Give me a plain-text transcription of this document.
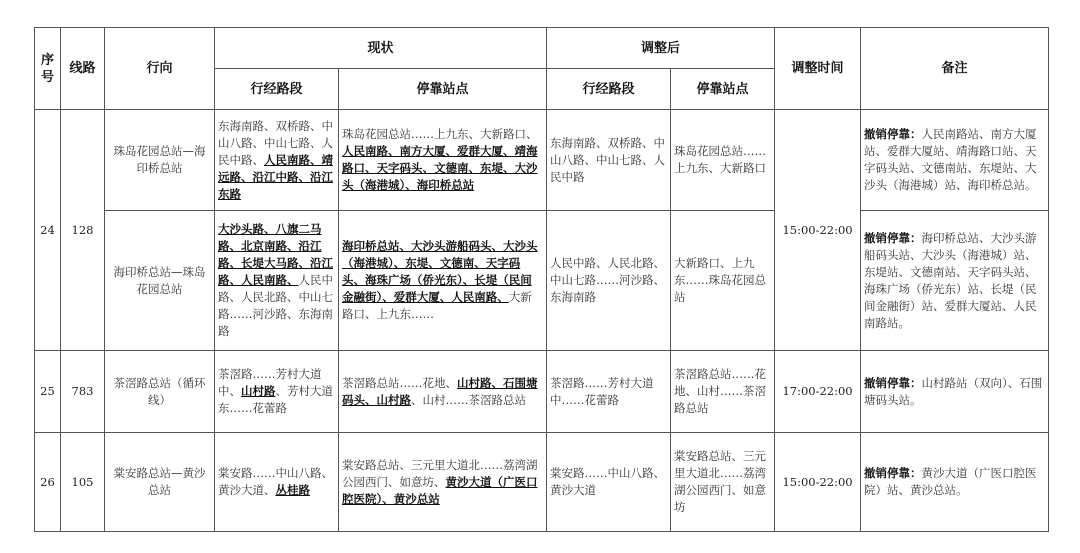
序号	线路	行向	现状		调整后		调整时间	备注
			行经路段	停靠站点	行经路段	停靠站点		
24	128	珠岛花园总站—海印桥总站	东海南路、双桥路、中山八路、中山七路、人民中路、人民南路、靖远路、沿江中路、沿江东路	珠岛花园总站……上九东、大新路口、人民南路、南方大厦、爱群大厦、靖海路口、天字码头、文德南、东堤、大沙头（海港城）、海印桥总站	东海南路、双桥路、中山八路、中山七路、人民中路	珠岛花园总站……上九东、大新路口	15:00-22:00	撤销停靠：人民南路站、南方大厦站、爱群大厦站、靖海路口站、天字码头站、文德南站、东堤站、大沙头（海港城）站、海印桥总站。
		海印桥总站—珠岛花园总站	大沙头路、八旗二马路、北京南路、沿江路、长堤大马路、沿江路、人民南路、人民中路、人民北路、中山七路……河沙路、东海南路	海印桥总站、大沙头游船码头、大沙头（海港城）、东堤、文德南、天字码头、海珠广场（侨光东）、长堤（民间金融街）、爱群大厦、人民南路、大新路口、上九东……	人民中路、人民北路、中山七路……河沙路、东海南路	大新路口、上九东……珠岛花园总站		撤销停靠：海印桥总站、大沙头游船码头站、大沙头（海港城）站、东堤站、文德南站、天字码头站、海珠广场（侨光东）站、长堤（民间金融街）站、爱群大厦站、人民南路站。
25	783	茶滘路总站（循环线）	茶滘路……芳村大道中、山村路、芳村大道东……花蕾路	茶滘路总站……花地、山村路、石围塘码头、山村路、山村……茶滘路总站	茶滘路……芳村大道中……花蕾路	茶滘路总站……花地、山村……茶滘路总站	17:00-22:00	撤销停靠：山村路站（双向）、石围塘码头站。
26	105	棠安路总站—黄沙总站	棠安路……中山八路、黄沙大道、丛桂路	棠安路总站、三元里大道北……荔湾湖公园西门、如意坊、黄沙大道（广医口腔医院）、黄沙总站	棠安路……中山八路、黄沙大道	棠安路总站、三元里大道北……荔湾湖公园西门、如意坊	15:00-22:00	撤销停靠：黄沙大道（广医口腔医院）站、黄沙总站。
